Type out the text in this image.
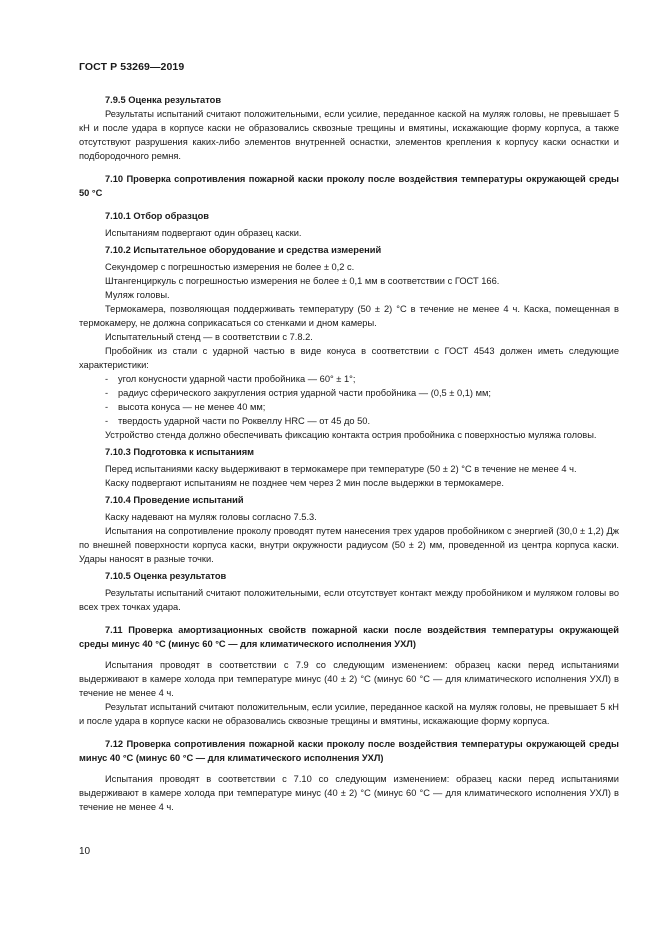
ГОСТ Р 53269—2019

7.9.5 Оценка результатов

Результаты испытаний считают положительными, если усилие, переданное каской на муляж головы, не превышает 5 кН и после удара в корпусе каски не образовались сквозные трещины и вмятины, искажающие форму корпуса, а также отсутствуют разрушения каких-либо элементов внутренней оснастки, элементов крепления к корпусу каски оснастки и подбородочного ремня.

7.10 Проверка сопротивления пожарной каски проколу после воздействия температуры окружающей среды 50 °С

7.10.1 Отбор образцов

Испытаниям подвергают один образец каски.

7.10.2 Испытательное оборудование и средства измерений

Секундомер с погрешностью измерения не более ± 0,2 с.

Штангенциркуль с погрешностью измерения не более ± 0,1 мм в соответствии с ГОСТ 166.

Муляж головы.

Термокамера, позволяющая поддерживать температуру (50 ± 2) °С в течение не менее 4 ч. Каска, помещенная в термокамеру, не должна соприкасаться со стенками и дном камеры.

Испытательный стенд — в соответствии с 7.8.2.

Пробойник из стали с ударной частью в виде конуса в соответствии с ГОСТ 4543 должен иметь следующие характеристики:

- угол конусности ударной части пробойника — 60° ± 1°;

- радиус сферического закругления острия ударной части пробойника — (0,5 ± 0,1) мм;

- высота конуса — не менее 40 мм;

- твердость ударной части по Роквеллу HRC — от 45 до 50.

Устройство стенда должно обеспечивать фиксацию контакта острия пробойника с поверхностью муляжа головы.

7.10.3 Подготовка к испытаниям

Перед испытаниями каску выдерживают в термокамере при температуре (50 ± 2) °С в течение не менее 4 ч.

Каску подвергают испытаниям не позднее чем через 2 мин после выдержки в термокамере.

7.10.4 Проведение испытаний

Каску надевают на муляж головы согласно 7.5.3.

Испытания на сопротивление проколу проводят путем нанесения трех ударов пробойником с энергией (30,0 ± 1,2) Дж по внешней поверхности корпуса каски, внутри окружности радиусом (50 ± 2) мм, проведенной из центра корпуса каски. Удары наносят в разные точки.

7.10.5 Оценка результатов

Результаты испытаний считают положительными, если отсутствует контакт между пробойником и муляжом головы во всех трех точках удара.

7.11 Проверка амортизационных свойств пожарной каски после воздействия температуры окружающей среды минус 40 °С (минус 60 °С — для климатического исполнения УХЛ)

Испытания проводят в соответствии с 7.9 со следующим изменением: образец каски перед испытаниями выдерживают в камере холода при температуре минус (40 ± 2) °С (минус 60 °С — для климатического исполнения УХЛ) в течение не менее 4 ч.

Результат испытаний считают положительным, если усилие, переданное каской на муляж головы, не превышает 5 кН и после удара в корпусе каски не образовались сквозные трещины и вмятины, искажающие форму корпуса.

7.12 Проверка сопротивления пожарной каски проколу после воздействия температуры окружающей среды минус 40 °С (минус 60 °С — для климатического исполнения УХЛ)

Испытания проводят в соответствии с 7.10 со следующим изменением: образец каски перед испытаниями выдерживают в камере холода при температуре минус (40 ± 2) °С (минус 60 °С — для климатического исполнения УХЛ) в течение не менее 4 ч.

10
